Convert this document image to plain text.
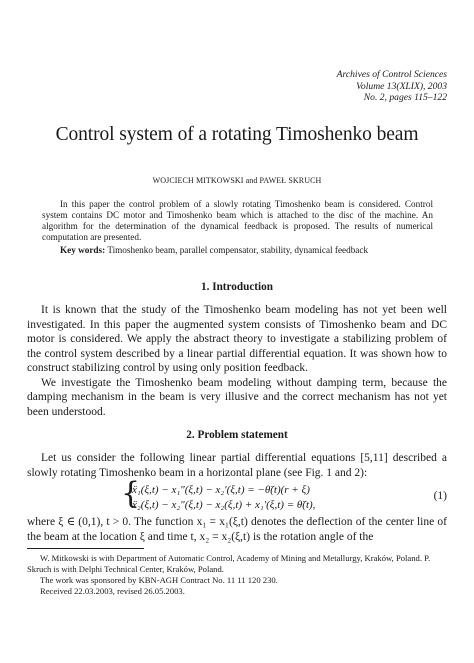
Archives of Control Sciences
Volume 13(XLIX), 2003
No. 2, pages 115–122
Control system of a rotating Timoshenko beam
WOJCIECH MITKOWSKI and PAWEŁ SKRUCH

In this paper the control problem of a slowly rotating Timoshenko beam is considered. Control system contains DC motor and Timoshenko beam which is attached to the disc of the machine. An algorithm for the determination of the dynamical feedback is proposed. The results of numerical computation are presented.

Key words: Timoshenko beam, parallel compensator, stability, dynamical feedback

1. Introduction

It is known that the study of the Timoshenko beam modeling has not yet been well investigated. In this paper the augmented system consists of Timoshenko beam and DC motor is considered. We apply the abstract theory to investigate a stabilizing problem of the control system described by a linear partial differential equation. It was shown how to construct stabilizing control by using only position feedback.

We investigate the Timoshenko beam modeling without damping term, because the damping mechanism in the beam is very illusive and the correct mechanism has not yet been understood.

2. Problem statement

Let us consider the following linear partial differential equations [5,11] described a slowly rotating Timoshenko beam in a horizontal plane (see Fig. 1 and 2):

{
ẍ₁(ξ,t) − x₁″(ξ,t) − x₂′(ξ,t) = −θ̈(t)(r + ξ)
ẍ₂(ξ,t) − x₂″(ξ,t) − x₂(ξ,t) + x₁′(ξ,t) = θ̈(t),
(1)

where ξ ∈ (0,1), t > 0. The function x₁ = x₁(ξ,t) denotes the deflection of the center line of the beam at the location ξ and time t, x₂ = x₂(ξ,t) is the rotation angle of the

W. Mitkowski is with Department of Automatic Control, Academy of Mining and Metallurgy, Kraków, Poland. P. Skruch is with Delphi Technical Center, Kraków, Poland.

The work was sponsored by KBN-AGH Contract No. 11 11 120 230.

Received 22.03.2003, revised 26.05.2003.
